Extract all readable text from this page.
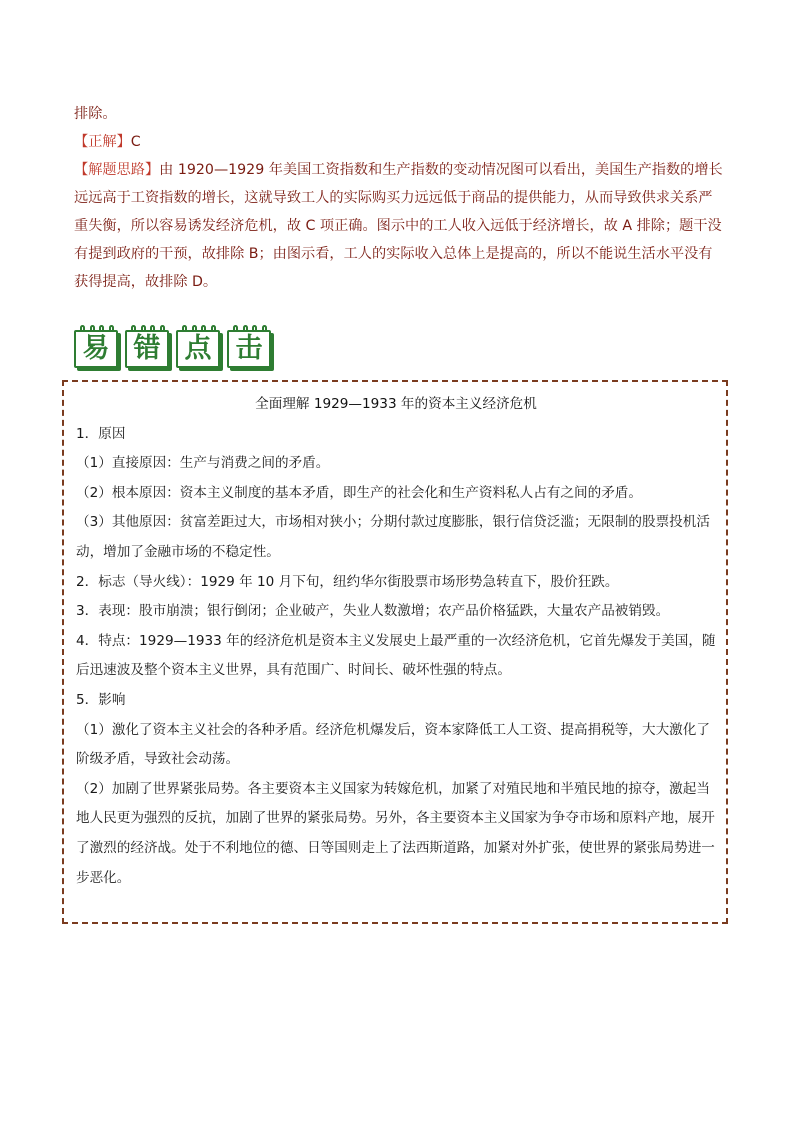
排除。

【正解】C

【解题思路】由 1920—1929 年美国工资指数和生产指数的变动情况图可以看出，美国生产指数的增长远远高于工资指数的增长，这就导致工人的实际购买力远远低于商品的提供能力，从而导致供求关系严重失衡，所以容易诱发经济危机，故 C 项正确。图示中的工人收入远低于经济增长，故 A 排除；题干没有提到政府的干预，故排除 B；由图示看，工人的实际收入总体上是提高的，所以不能说生活水平没有获得提高，故排除 D。

易 错 点 击

全面理解 1929—1933 年的资本主义经济危机

1．原因

（1）直接原因：生产与消费之间的矛盾。

（2）根本原因：资本主义制度的基本矛盾，即生产的社会化和生产资料私人占有之间的矛盾。

（3）其他原因：贫富差距过大，市场相对狭小；分期付款过度膨胀，银行信贷泛滥；无限制的股票投机活动，增加了金融市场的不稳定性。

2．标志（导火线）：1929 年 10 月下旬，纽约华尔街股票市场形势急转直下，股价狂跌。

3．表现：股市崩溃；银行倒闭；企业破产，失业人数激增；农产品价格猛跌，大量农产品被销毁。

4．特点：1929—1933 年的经济危机是资本主义发展史上最严重的一次经济危机，它首先爆发于美国，随后迅速波及整个资本主义世界，具有范围广、时间长、破坏性强的特点。

5．影响

（1）激化了资本主义社会的各种矛盾。经济危机爆发后，资本家降低工人工资、提高捐税等，大大激化了阶级矛盾，导致社会动荡。

（2）加剧了世界紧张局势。各主要资本主义国家为转嫁危机，加紧了对殖民地和半殖民地的掠夺，激起当地人民更为强烈的反抗，加剧了世界的紧张局势。另外，各主要资本主义国家为争夺市场和原料产地，展开了激烈的经济战。处于不利地位的德、日等国则走上了法西斯道路，加紧对外扩张，使世界的紧张局势进一步恶化。
